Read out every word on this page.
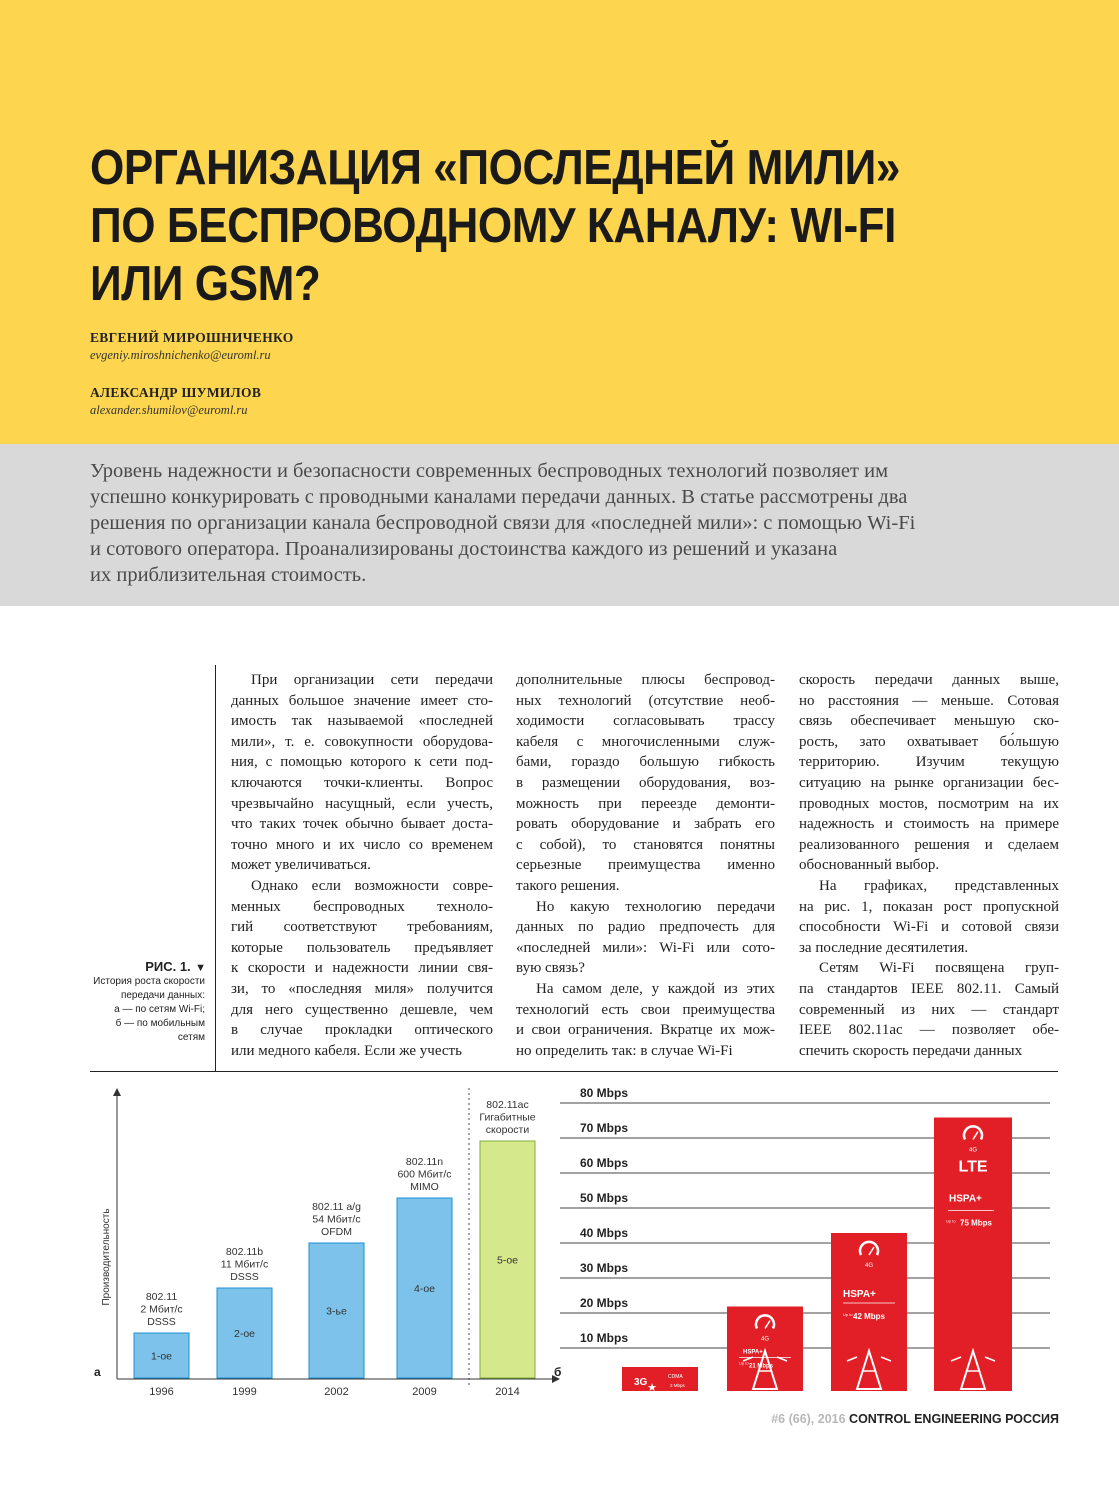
ОРГАНИЗАЦИЯ «ПОСЛЕДНЕЙ МИЛИ»
ПО БЕСПРОВОДНОМУ КАНАЛУ: WI-FI ИЛИ GSM?
ЕВГЕНИЙ МИРОШНИЧЕНКО
evgeniy.miroshnichenko@euroml.ru
АЛЕКСАНДР ШУМИЛОВ
alexander.shumilov@euroml.ru
Уровень надежности и безопасности современных беспроводных технологий позволяет им
успешно конкурировать с проводными каналами передачи данных. В статье рассмотрены два
решения по организации канала беспроводной связи для «последней мили»: с помощью Wi-Fi
и сотового оператора. Проанализированы достоинства каждого из решений и указана
их приблизительная стоимость.
РИС. 1. ▼
История роста скорости
передачи данных:
а — по сетям Wi-Fi;
б — по мобильным
сетям
При организации сети передачи
данных большое значение имеет сто-
имость так называемой «последней
мили», т. е. совокупности оборудова-
ния, с помощью которого к сети под-
ключаются точки-клиенты. Вопрос
чрезвычайно насущный, если учесть,
что таких точек обычно бывает доста-
точно много и их число со временем
может увеличиваться.
Однако если возможности совре-
менных беспроводных техноло-
гий соответствуют требованиям,
которые пользователь предъявляет
к скорости и надежности линии свя-
зи, то «последняя миля» получится
для него существенно дешевле, чем
в случае прокладки оптического
или медного кабеля. Если же учесть
дополнительные плюсы беспровод-
ных технологий (отсутствие необ-
ходимости согласовывать трассу
кабеля с многочисленными служ-
бами, гораздо большую гибкость
в размещении оборудования, воз-
можность при переезде демонти-
ровать оборудование и забрать его
с собой), то становятся понятны
серьезные преимущества именно
такого решения.
Но какую технологию передачи
данных по радио предпочесть для
«последней мили»: Wi-Fi или сото-
вую связь?
На самом деле, у каждой из этих
технологий есть свои преимущества
и свои ограничения. Вкратце их мож-
но определить так: в случае Wi-Fi
скорость передачи данных выше,
но расстояния — меньше. Сотовая
связь обеспечивает меньшую ско-
рость, зато охватывает бо́льшую
территорию. Изучим текущую
ситуацию на рынке организации бес-
проводных мостов, посмотрим на их
надежность и стоимость на примере
реализованного решения и сделаем
обоснованный выбор.
На графиках, представленных
на рис. 1, показан рост пропускной
способности Wi-Fi и сотовой связи
за последние десятилетия.
Сетям Wi-Fi посвящена груп-
па стандартов IEEE 802.11. Самый
современный из них — стандарт
IEEE 802.11ac — позволяет обе-
спечить скорость передачи данных
Производительность
1-ое
1996
802.11
2 Мбит/с
DSSS
2-ое
1999
802.11b
11 Мбит/с
DSSS
3-ье
2002
802.11 a/g
54 Мбит/с
OFDM
4-ое
2009
802.11n
600 Мбит/с
MIMO
5-ое
2014
802.11ac
Гигабитные
скорости
а
10 Mbps
20 Mbps
30 Mbps
40 Mbps
50 Mbps
60 Mbps
70 Mbps
80 Mbps
б
3G	CDMA
3 Mbps
★
4G
HSPA+
Up to
21 Mbps
4G
HSPA+
Up to 42 Mbps
4G
LTE
HSPA+
Up to 75 Mbps
#6 (66), 2016 CONTROL ENGINEERING РОССИЯ
